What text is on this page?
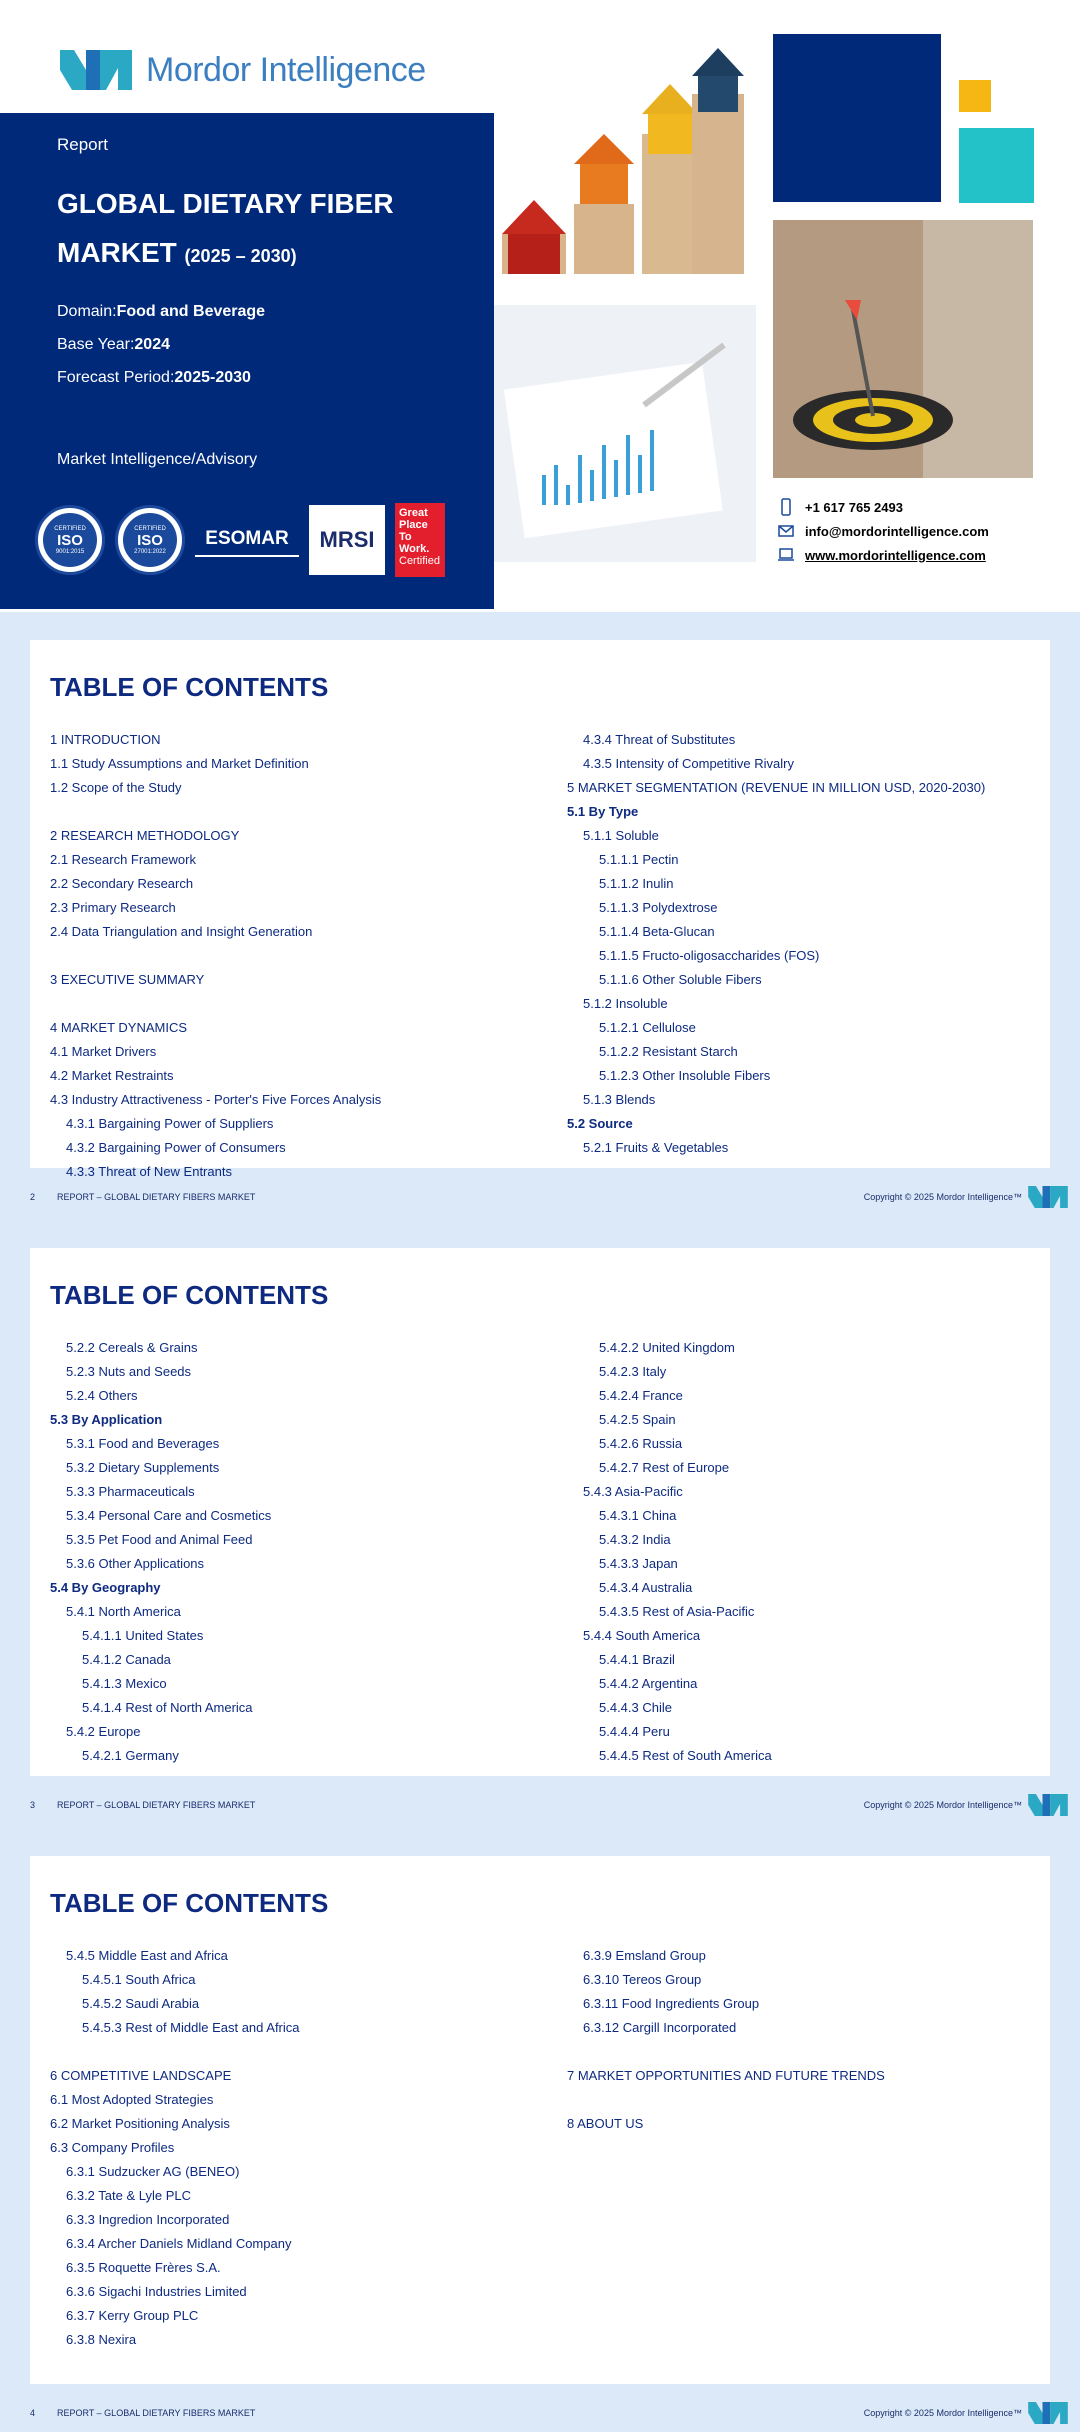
Mordor Intelligence
+1 617 765 2493
info@mordorintelligence.com
www.mordorintelligence.com
Report
GLOBAL DIETARY FIBER
MARKET (2025 – 2030)
Domain:Food and Beverage
Base Year:2024
Forecast Period:2025-2030
Market Intelligence/Advisory
CERTIFIED
ISO
9001:2015
CERTIFIED
ISO
27001:2022
ESOMAR MRSI
Great
Place
To
Work.
Certified
TABLE OF CONTENTS
1 INTRODUCTION
1.1 Study Assumptions and Market Definition
1.2 Scope of the Study
2 RESEARCH METHODOLOGY
2.1 Research Framework
2.2 Secondary Research
2.3 Primary Research
2.4 Data Triangulation and Insight Generation
3 EXECUTIVE SUMMARY
4 MARKET DYNAMICS
4.1 Market Drivers
4.2 Market Restraints
4.3 Industry Attractiveness - Porter's Five Forces Analysis
4.3.1 Bargaining Power of Suppliers
4.3.2 Bargaining Power of Consumers
4.3.3 Threat of New Entrants
4.3.4 Threat of Substitutes
4.3.5 Intensity of Competitive Rivalry
5 MARKET SEGMENTATION (REVENUE IN MILLION USD, 2020-2030)
5.1 By Type
5.1.1 Soluble
5.1.1.1 Pectin
5.1.1.2 Inulin
5.1.1.3 Polydextrose
5.1.1.4 Beta-Glucan
5.1.1.5 Fructo-oligosaccharides (FOS)
5.1.1.6 Other Soluble Fibers
5.1.2 Insoluble
5.1.2.1 Cellulose
5.1.2.2 Resistant Starch
5.1.2.3 Other Insoluble Fibers
5.1.3 Blends
5.2 Source
5.2.1 Fruits & Vegetables
2 REPORT – GLOBAL DIETARY FIBERS MARKET	Copyright © 2025 Mordor Intelligence™
TABLE OF CONTENTS
5.2.2 Cereals & Grains
5.2.3 Nuts and Seeds
5.2.4 Others
5.3 By Application
5.3.1 Food and Beverages
5.3.2 Dietary Supplements
5.3.3 Pharmaceuticals
5.3.4 Personal Care and Cosmetics
5.3.5 Pet Food and Animal Feed
5.3.6 Other Applications
5.4 By Geography
5.4.1 North America
5.4.1.1 United States
5.4.1.2 Canada
5.4.1.3 Mexico
5.4.1.4 Rest of North America
5.4.2 Europe
5.4.2.1 Germany
5.4.2.2 United Kingdom
5.4.2.3 Italy
5.4.2.4 France
5.4.2.5 Spain
5.4.2.6 Russia
5.4.2.7 Rest of Europe
5.4.3 Asia-Pacific
5.4.3.1 China
5.4.3.2 India
5.4.3.3 Japan
5.4.3.4 Australia
5.4.3.5 Rest of Asia-Pacific
5.4.4 South America
5.4.4.1 Brazil
5.4.4.2 Argentina
5.4.4.3 Chile
5.4.4.4 Peru
5.4.4.5 Rest of South America
3 REPORT – GLOBAL DIETARY FIBERS MARKET	Copyright © 2025 Mordor Intelligence™
TABLE OF CONTENTS
5.4.5 Middle East and Africa
5.4.5.1 South Africa
5.4.5.2 Saudi Arabia
5.4.5.3 Rest of Middle East and Africa
6 COMPETITIVE LANDSCAPE
6.1 Most Adopted Strategies
6.2 Market Positioning Analysis
6.3 Company Profiles
6.3.1 Sudzucker AG (BENEO)
6.3.2 Tate & Lyle PLC
6.3.3 Ingredion Incorporated
6.3.4 Archer Daniels Midland Company
6.3.5 Roquette Frères S.A.
6.3.6 Sigachi Industries Limited
6.3.7 Kerry Group PLC
6.3.8 Nexira
6.3.9 Emsland Group
6.3.10 Tereos Group
6.3.11 Food Ingredients Group
6.3.12 Cargill Incorporated
7 MARKET OPPORTUNITIES AND FUTURE TRENDS
8 ABOUT US
4 REPORT – GLOBAL DIETARY FIBERS MARKET	Copyright © 2025 Mordor Intelligence™
